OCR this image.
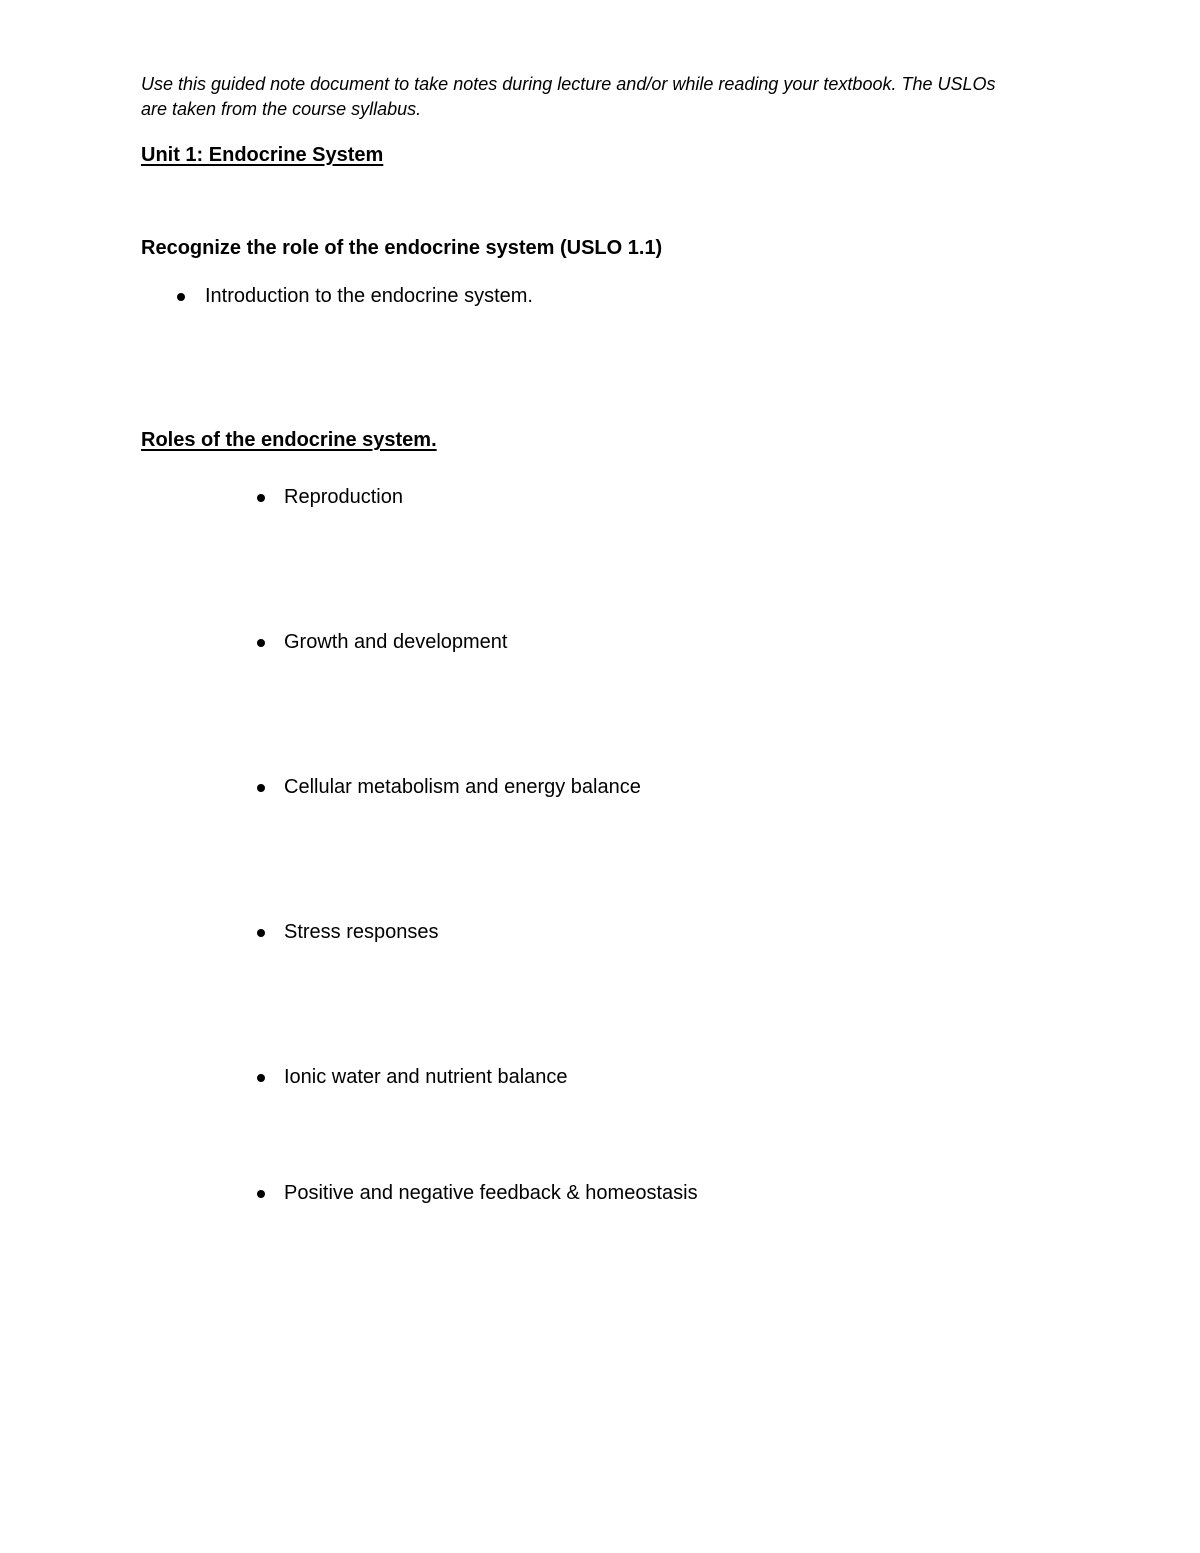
Use this guided note document to take notes during lecture and/or while reading your textbook. The USLOs
are taken from the course syllabus.

Unit 1: Endocrine System
Recognize the role of the endocrine system (USLO 1.1)
Introduction to the endocrine system.
Roles of the endocrine system.
Reproduction
Growth and development
Cellular metabolism and energy balance
Stress responses
Ionic water and nutrient balance
Positive and negative feedback & homeostasis
